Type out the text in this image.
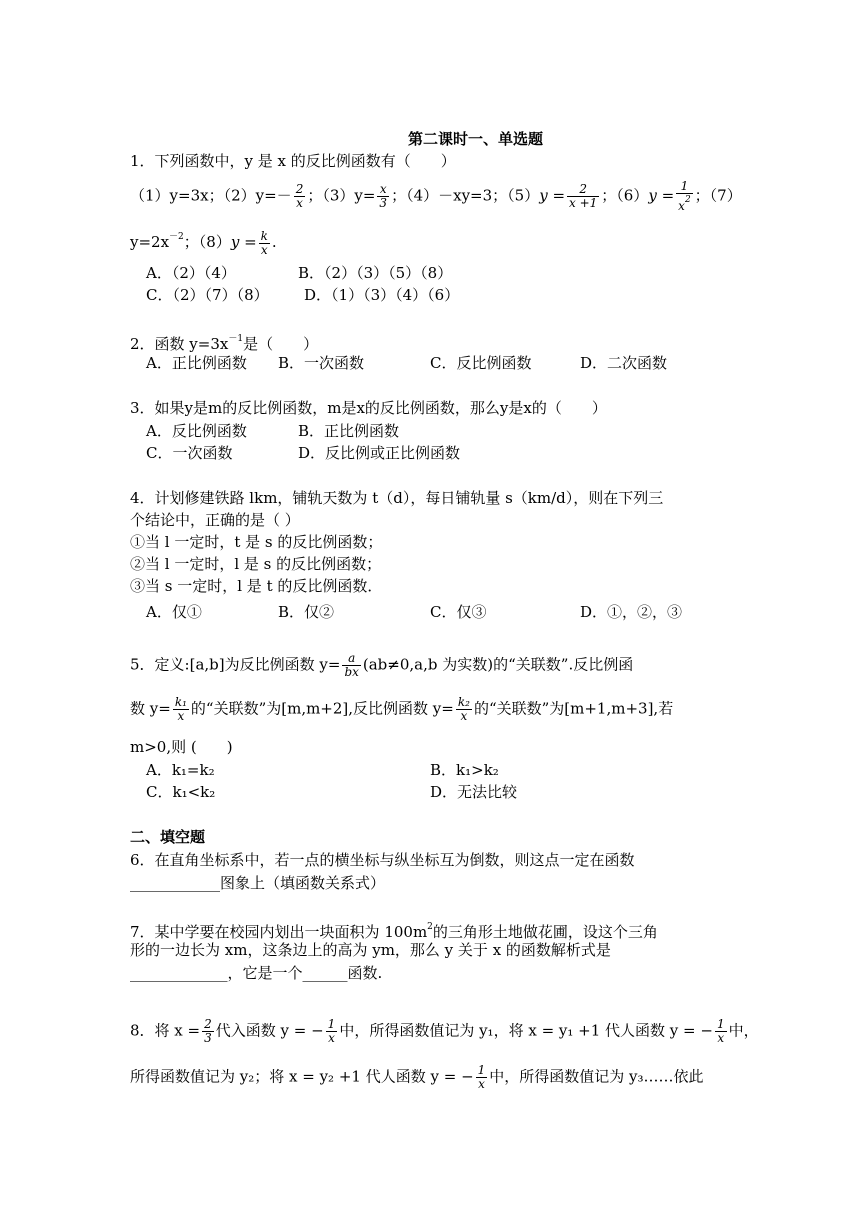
第二课时一、单选题
1．下列函数中，y 是 x 的反比例函数有（　　）
（1）y=3x；$(2)y=- \frac{2}{x}$ ；$(3)y= \frac{x}{3}$ ；（4）－xy=3；$(5)y = \frac{2}{x +1}$ ；$(6)y = \frac{1}{x^2}$ ；（7）
$y=2x^{-2}$；$(8)y = \frac{k}{x}$ .
A．（2）（4）	B．（2）（3）（5）（8）
C．（2）（7）（8） D．（1）（3）（4）（6）
2．函数 $y=3x^{-1}$是（　　）
A．正比例函数 B．一次函数	C．反比例函数	D．二次函数
3．如果y是m的反比例函数，m是x的反比例函数，那么y是x的（　　）
A．反比例函数	B．正比例函数
C．一次函数	D．反比例或正比例函数
4．计划修建铁路 lkm，铺轨天数为 t（d），每日铺轨量 s（km/d），则在下列三
个结论中，正确的是（ ）
①当 l 一定时，t 是 s 的反比例函数；
②当 l 一定时，l 是 s 的反比例函数；
③当 s 一定时，l 是 t 的反比例函数．
A．仅①	B．仅②	C．仅③	D．①，②，③
5．定义:[a,b]为反比例函数 $y= \frac{a}{bx} (ab\ne 0,a,b$ 为实数)的“关联数”.反比例函
数 $y= \frac{\text{k₁}}{x}$ 的“关联数”为[m,m+2],反比例函数 $y= \frac{\text{k₂}}{x}$ 的“关联数”为[m+1,m+3],若
m>0,则 (　　)
A．k₁=k₂	B．k₁>k₂
C．k₁<k₂	D．无法比较
二、填空题
6．在直角坐标系中，若一点的横坐标与纵坐标互为倒数，则这点一定在函数
____________图象上（填函数关系式）
7．某中学要在校园内划出一块面积为 $100m^2$的三角形土地做花圃，设这个三角
形的一边长为 xm，这条边上的高为 ym，那么 y 关于 x 的函数解析式是
_____________，它是一个______函数.
8．将 $x = \frac{2}{3}$ 代入函数 y = − $\frac{1}{x}$ 中，所得函数值记为 y₁，将 x = y₁ +1 代人函数 y = − $\frac{1}{x}$ 中，
所得函数值记为 y₂；将 x = y₂ +1 代人函数 y = − $\frac{1}{x}$ 中，所得函数值记为 y₃……依此
